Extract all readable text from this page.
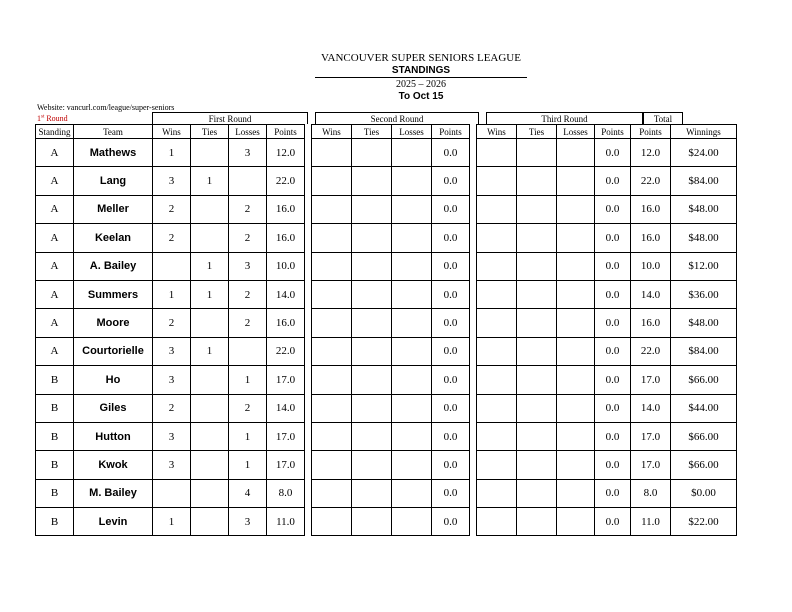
VANCOUVER SUPER SENIORS LEAGUE
STANDINGS
2025 – 2026
To Oct 15
Website: vancurl.com/league/super-seniors
1st Round	First Round	Second Round	Third Round	Total
Standing	Team	Wins	Ties	Losses	Points		Wins	Ties	Losses	Points		Wins	Ties	Losses	Points	Points	Winnings
A	Mathews	1		3	12.0					0.0					0.0	12.0	$24.00
A	Lang	3	1		22.0					0.0					0.0	22.0	$84.00
A	Meller	2		2	16.0					0.0					0.0	16.0	$48.00
A	Keelan	2		2	16.0					0.0					0.0	16.0	$48.00
A	A. Bailey		1	3	10.0					0.0					0.0	10.0	$12.00
A	Summers	1	1	2	14.0					0.0					0.0	14.0	$36.00
A	Moore	2		2	16.0					0.0					0.0	16.0	$48.00
A	Courtorielle	3	1		22.0					0.0					0.0	22.0	$84.00
B	Ho	3		1	17.0					0.0					0.0	17.0	$66.00
B	Giles	2		2	14.0					0.0					0.0	14.0	$44.00
B	Hutton	3		1	17.0					0.0					0.0	17.0	$66.00
B	Kwok	3		1	17.0					0.0					0.0	17.0	$66.00
B	M. Bailey			4	8.0					0.0					0.0	8.0	$0.00
B	Levin	1		3	11.0					0.0					0.0	11.0	$22.00
